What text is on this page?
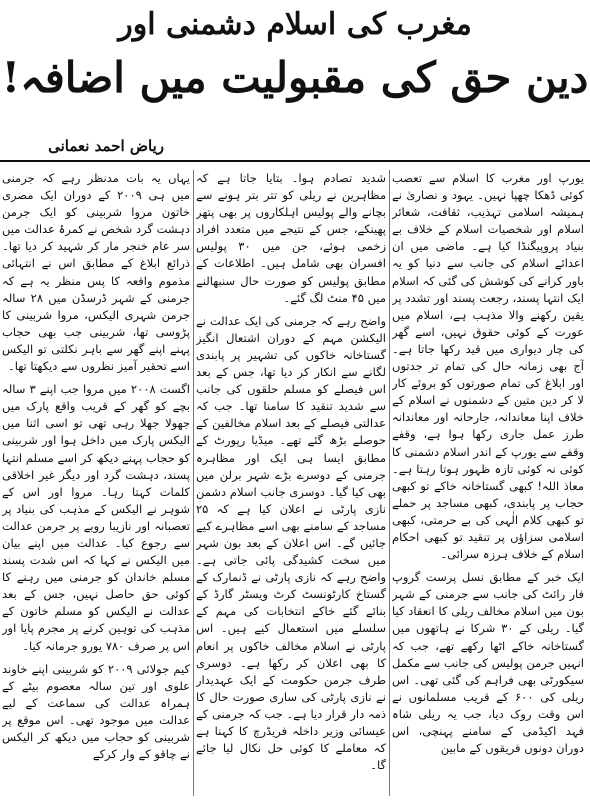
مغرب کی اسلام دشمنی اور
دین حق کی مقبولیت میں اضافہ!
ریاض احمد نعمانی

یورپ اور مغرب کا اسلام سے تعصب کوئی ڈھکا چھپا نہیں۔ یہود و نصاریٰ نے ہمیشہ اسلامی تہذیب، ثقافت، شعائر اسلام اور شخصیات اسلام کے خلاف بے بنیاد پروپیگنڈا کیا ہے۔ ماضی میں ان اعدائے اسلام کی جانب سے دنیا کو یہ باور کرانے کی کوشش کی گئی کہ اسلام ایک انتہا پسند، رجعت پسند اور تشدد پر یقین رکھنے والا مذہب ہے، اسلام میں عورت کے کوئی حقوق نہیں، اسے گھر کی چار دیواری میں قید رکھا جاتا ہے۔ آج بھی زمانہ حال کی تمام تر جدتوں اور ابلاغ کی تمام صورتوں کو بروئے کار لا کر دین متین کے دشمنوں نے اسلام کے خلاف اپنا معاندانہ، جارحانہ اور معاندانہ طرز عمل جاری رکھا ہوا ہے، وقفے وقفے سے یورپ کے اندر اسلام دشمنی کا کوئی نہ کوئی تازہ ظہور ہوتا رہتا ہے۔ معاذ اللہ! کبھی گستاخانہ خاکے تو کبھی حجاب پر پابندی، کبھی مساجد پر حملے تو کبھی کلام الٰہی کی بے حرمتی، کبھی اسلامی سزاؤں پر تنقید تو کبھی احکام اسلام کے خلاف ہرزہ سرائی۔

ایک خبر کے مطابق نسل پرست گروپ فار رائٹ کی جانب سے جرمنی کے شہر بون میں اسلام مخالف ریلی کا انعقاد کیا گیا۔ ریلی کے ۳۰ شرکا نے ہاتھوں میں گستاخانہ خاکے اٹھا رکھے تھے، جب کہ انہیں جرمن پولیس کی جانب سے مکمل سیکورٹی بھی فراہم کی گئی تھی۔ اس ریلی کی ۶۰۰ کے قریب مسلمانوں نے اس وقت روک دیا، جب یہ ریلی شاہ فہد اکیڈمی کے سامنے پہنچی، اس دوران دونوں فریقوں کے مابین

شدید تصادم ہوا۔ بتایا جاتا ہے کہ مظاہرین نے ریلی کو تتر بتر ہونے سے بچانے والے پولیس اہلکاروں پر بھی پتھر پھینکے، جس کے نتیجے میں متعدد افراد زخمی ہوئے، جن میں ۳۰ پولیس افسران بھی شامل ہیں۔ اطلاعات کے مطابق پولیس کو صورت حال سنبھالنے میں ۴۵ منٹ لگ گئے۔

واضح رہے کہ جرمنی کی ایک عدالت نے الیکشن مہم کے دوران اشتعال انگیز گستاخانہ خاکوں کی تشہیر پر پابندی لگانے سے انکار کر دیا تھا، جس کے بعد اس فیصلے کو مسلم حلقوں کی جانب سے شدید تنقید کا سامنا تھا۔ جب کہ عدالتی فیصلے کے بعد اسلام مخالفین کے حوصلے بڑھ گئے تھے۔ میڈیا رپورٹ کے مطابق ایسا ہی ایک اور مظاہرہ جرمنی کے دوسرے بڑے شہر برلن میں بھی کیا گیا۔ دوسری جانب اسلام دشمن نازی پارٹی نے اعلان کیا ہے کہ ۲۵ مساجد کے سامنے بھی اسے مظاہرے کیے جائیں گے۔ اس اعلان کے بعد بون شہر میں سخت کشیدگی پائی جاتی ہے۔ واضح رہے کہ نازی پارٹی نے ڈنمارک کے گستاخ کارٹونسٹ کرٹ ویسٹر گارڈ کے بنائے گئے خاکے انتخابات کی مہم کے سلسلے میں استعمال کیے ہیں۔ اس پارٹی نے اسلام مخالف خاکوں پر انعام کا بھی اعلان کر رکھا ہے۔ دوسری طرف جرمن حکومت کے ایک عہدیدار نے نازی پارٹی کی ساری صورت حال کا ذمہ دار قرار دیا ہے۔ جب کہ جرمنی کے عیسائی وزیر داخلہ فریڈرچ کا کہنا ہے کہ معاملے کا کوئی حل نکال لیا جائے گا۔

یہاں یہ بات مدنظر رہے کہ جرمنی میں ہی ۲۰۰۹ کے دوران ایک مصری خاتون مروا شربینی کو ایک جرمن دہشت گرد شخص نے کمرۂ عدالت میں سر عام خنجر مار کر شہید کر دیا تھا۔ ذرائع ابلاغ کے مطابق اس نے انتہائی مذموم واقعہ کا پس منظر یہ ہے کہ جرمنی کے شہر ڈرسڈن میں ۲۸ سالہ جرمن شہری الیکس، مروا شربینی کا پڑوسی تھا، شربینی جب بھی حجاب پہنے اپنے گھر سے باہر نکلتی تو الیکس اسے تحقیر آمیز نظروں سے دیکھتا تھا۔

اگست ۲۰۰۸ میں مروا جب اپنے ۳ سالہ بچے کو گھر کے قریب واقع پارک میں جھولا جھلا رہی تھی تو اسی اثنا میں الیکس پارک میں داخل ہوا اور شربینی کو حجاب پہنے دیکھ کر اسے مسلم انتہا پسند، دہشت گرد اور دیگر غیر اخلاقی کلمات کہتا رہا۔ مروا اور اس کے شوہر نے الیکس کے مذہب کی بنیاد پر تعصبانہ اور نازیبا رویے پر جرمن عدالت سے رجوع کیا۔ عدالت میں اپنے بیان میں الیکس نے کہا کہ اس شدت پسند مسلم خاندان کو جرمنی میں رہنے کا کوئی حق حاصل نہیں، جس کے بعد عدالت نے الیکس کو مسلم خاتون کے مذہب کی توہین کرنے پر مجرم پایا اور اس پر صرف ۷۸۰ یورو جرمانہ کیا۔

کیم جولائی ۲۰۰۹ کو شربینی اپنے خاوند علوی اور تین سالہ معصوم بیٹے کے ہمراہ عدالت کی سماعت کے لیے عدالت میں موجود تھی۔ اس موقع پر شربینی کو حجاب میں دیکھ کر الیکس نے چاقو کے وار کرکے
